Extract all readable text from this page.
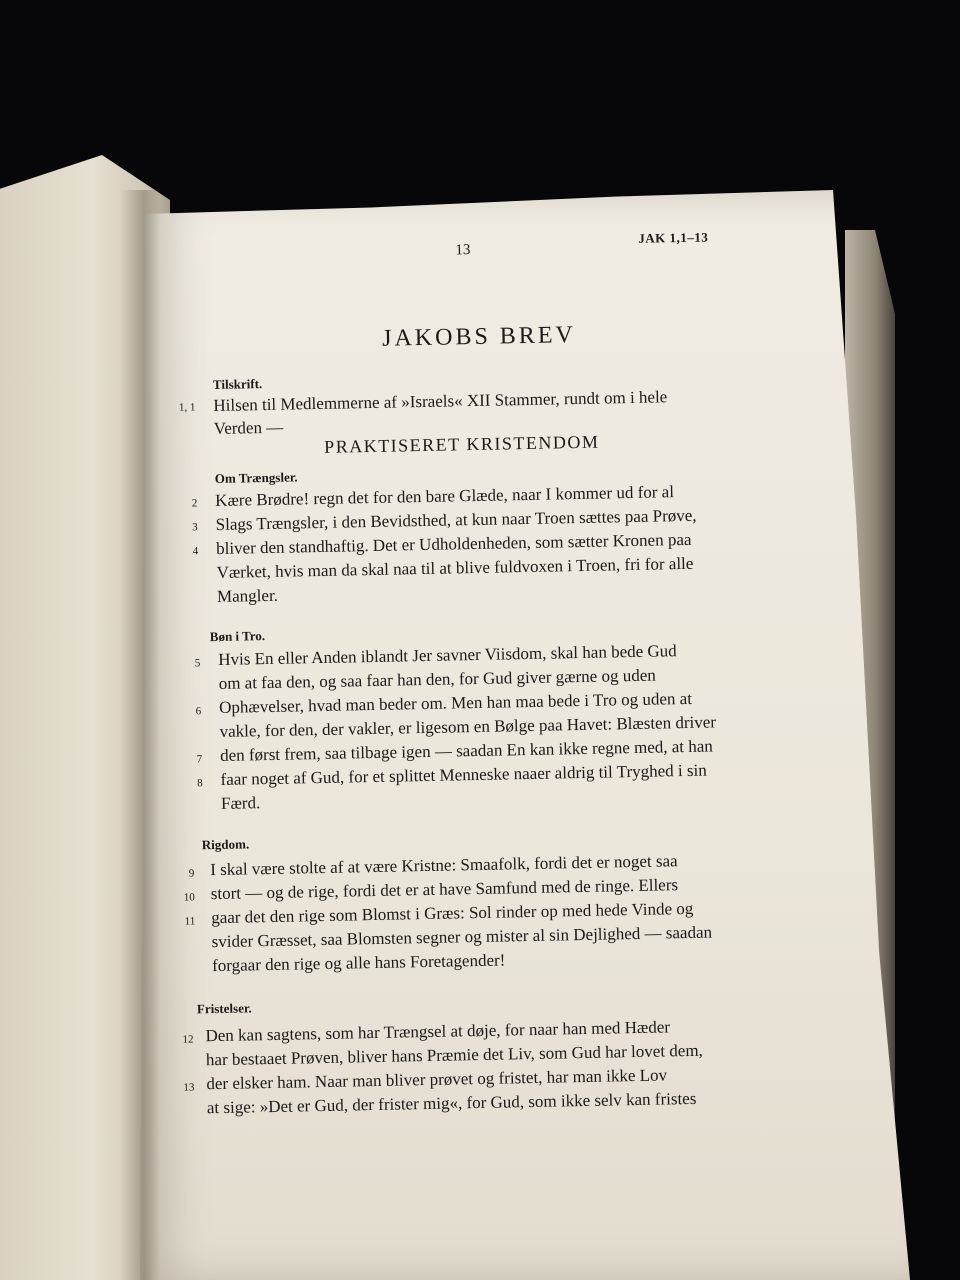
13
JAK 1,1–13
JAKOBS BREV
Tilskrift.
1, 1 Hilsen til Medlemmerne af »Israels« XII Stammer, rundt om i hele
Verden —
PRAKTISERET KRISTENDOM
Om Trængsler.
2 Kære Brødre! regn det for den bare Glæde, naar I kommer ud for al
3 Slags Trængsler, i den Bevidsthed, at kun naar Troen sættes paa Prøve,
4 bliver den standhaftig. Det er Udholdenheden, som sætter Kronen paa
Værket, hvis man da skal naa til at blive fuldvoxen i Troen, fri for alle
Mangler.
Bøn i Tro.
5 Hvis En eller Anden iblandt Jer savner Viisdom, skal han bede Gud
om at faa den, og saa faar han den, for Gud giver gærne og uden
6 Ophævelser, hvad man beder om. Men han maa bede i Tro og uden at
vakle, for den, der vakler, er ligesom en Bølge paa Havet: Blæsten driver
7 den først frem, saa tilbage igen — saadan En kan ikke regne med, at han
8 faar noget af Gud, for et splittet Menneske naaer aldrig til Tryghed i sin
Færd.
Rigdom.
9 I skal være stolte af at være Kristne: Smaafolk, fordi det er noget saa
10 stort — og de rige, fordi det er at have Samfund med de ringe. Ellers
11 gaar det den rige som Blomst i Græs: Sol rinder op med hede Vinde og
svider Græsset, saa Blomsten segner og mister al sin Dejlighed — saadan
forgaar den rige og alle hans Foretagender!
Fristelser.
12 Den kan sagtens, som har Trængsel at døje, for naar han med Hæder
har bestaaet Prøven, bliver hans Præmie det Liv, som Gud har lovet dem,
13 der elsker ham. Naar man bliver prøvet og fristet, har man ikke Lov
at sige: »Det er Gud, der frister mig«, for Gud, som ikke selv kan fristes
